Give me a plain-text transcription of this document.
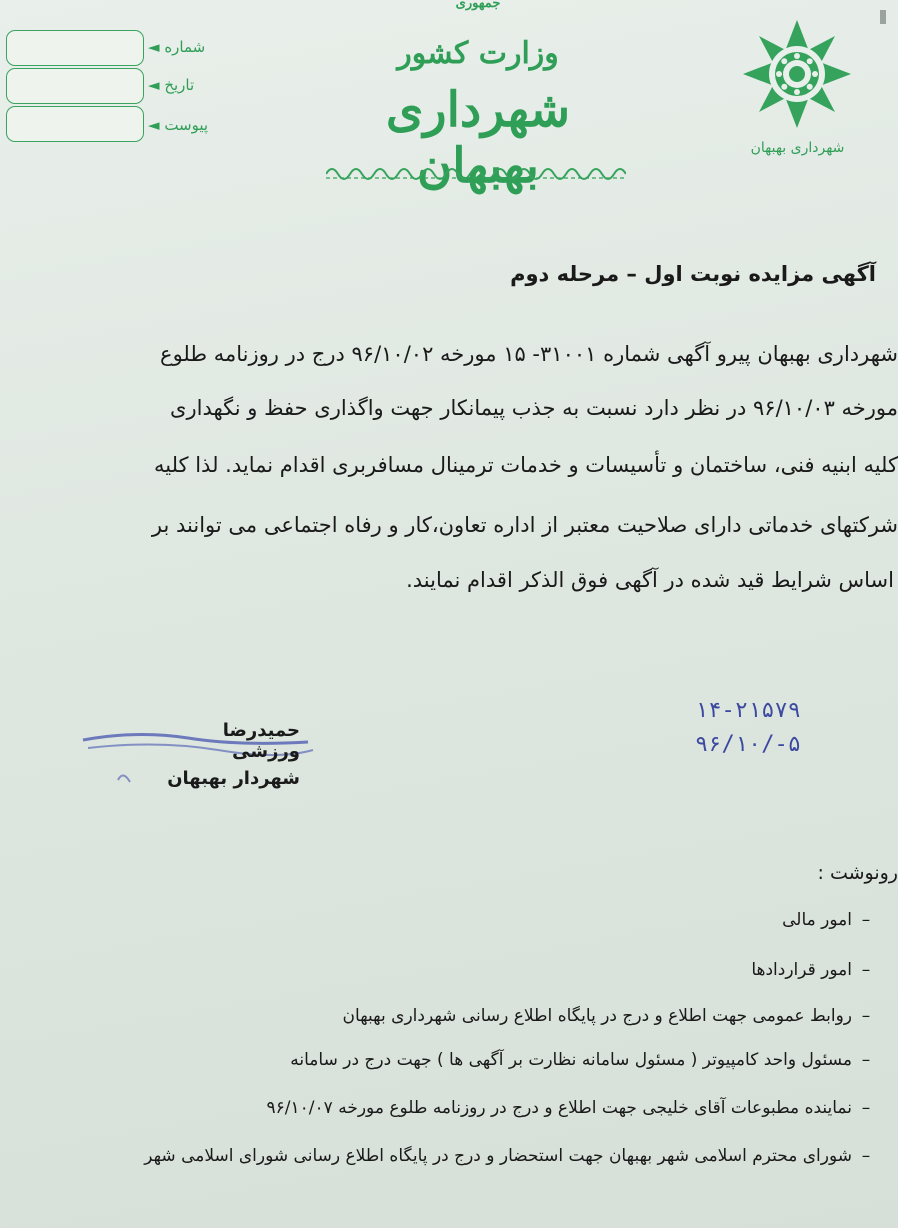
شهرداری بهبهان
جمهوری
وزارت کشور
شهرداری بهبهان
شماره ◄
تاریخ ◄
پیوست ◄
آگهی مزایده نوبت اول – مرحله دوم
شهرداری بهبهان پیرو آگهی شماره ۳۱۰۰۱- ۱۵ مورخه ۹۶/۱۰/۰۲ درج در روزنامه طلوع
مورخه ۹۶/۱۰/۰۳ در نظر دارد نسبت به جذب پیمانکار جهت واگذاری حفظ و نگهداری
کلیه ابنیه فنی، ساختمان و تأسیسات و خدمات ترمینال مسافربری اقدام نماید. لذا کلیه
شرکتهای خدماتی دارای صلاحیت معتبر از اداره تعاون،کار و رفاه اجتماعی می توانند بر
اساس شرایط قید شده در آگهی فوق الذکر اقدام نمایند.
۱۴-۲۱۵۷۹
۹۶/۱۰/-۵
حمیدرضا ورزشی
شهردار بهبهان
رونوشت :
–امور مالی
–امور قراردادها
–روابط عمومی جهت اطلاع و درج در پایگاه اطلاع رسانی شهرداری بهبهان
–مسئول واحد کامپیوتر ( مسئول سامانه نظارت بر آگهی ها ) جهت درج در سامانه
–نماینده مطبوعات آقای خلیجی جهت اطلاع و درج در روزنامه طلوع مورخه ۹۶/۱۰/۰۷
–شورای محترم اسلامی شهر بهبهان جهت استحضار و درج در پایگاه اطلاع رسانی شورای اسلامی شهر
